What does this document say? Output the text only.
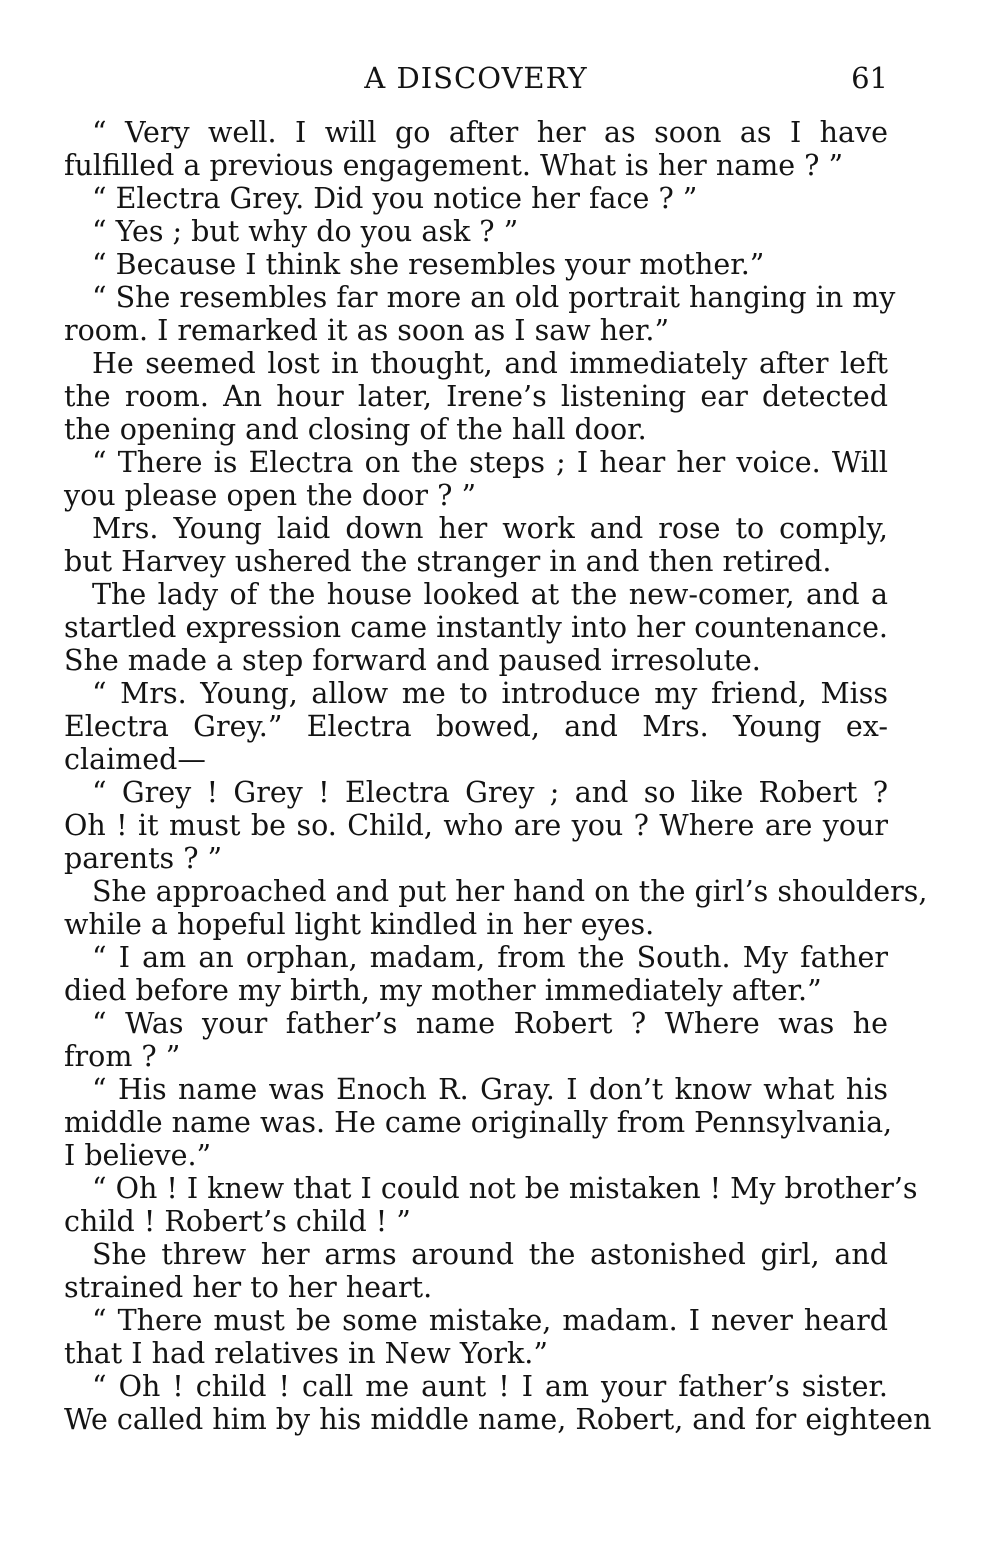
A DISCOVERY	61
“ Very well. I will go after her as soon as I have
fulfilled a previous engagement. What is her name ? ”
“ Electra Grey. Did you notice her face ? ”
“ Yes ; but why do you ask ? ”
“ Because I think she resembles your mother.”
“ She resembles far more an old portrait hanging in my
room. I remarked it as soon as I saw her.”
He seemed lost in thought, and immediately after left
the room. An hour later, Irene’s listening ear detected
the opening and closing of the hall door.
“ There is Electra on the steps ; I hear her voice. Will
you please open the door ? ”
Mrs. Young laid down her work and rose to comply,
but Harvey ushered the stranger in and then retired.
The lady of the house looked at the new-comer, and a
startled expression came instantly into her countenance.
She made a step forward and paused irresolute.
“ Mrs. Young, allow me to introduce my friend, Miss
Electra Grey.” Electra bowed, and Mrs. Young ex-
claimed—
“ Grey ! Grey ! Electra Grey ; and so like Robert ?
Oh ! it must be so. Child, who are you ? Where are your
parents ? ”
She approached and put her hand on the girl’s shoulders,
while a hopeful light kindled in her eyes.
“ I am an orphan, madam, from the South. My father
died before my birth, my mother immediately after.”
“ Was your father’s name Robert ? Where was he
from ? ”
“ His name was Enoch R. Gray. I don’t know what his
middle name was. He came originally from Pennsylvania,
I believe.”
“ Oh ! I knew that I could not be mistaken ! My brother’s
child ! Robert’s child ! ”
She threw her arms around the astonished girl, and
strained her to her heart.
“ There must be some mistake, madam. I never heard
that I had relatives in New York.”
“ Oh ! child ! call me aunt ! I am your father’s sister.
We called him by his middle name, Robert, and for eighteen
